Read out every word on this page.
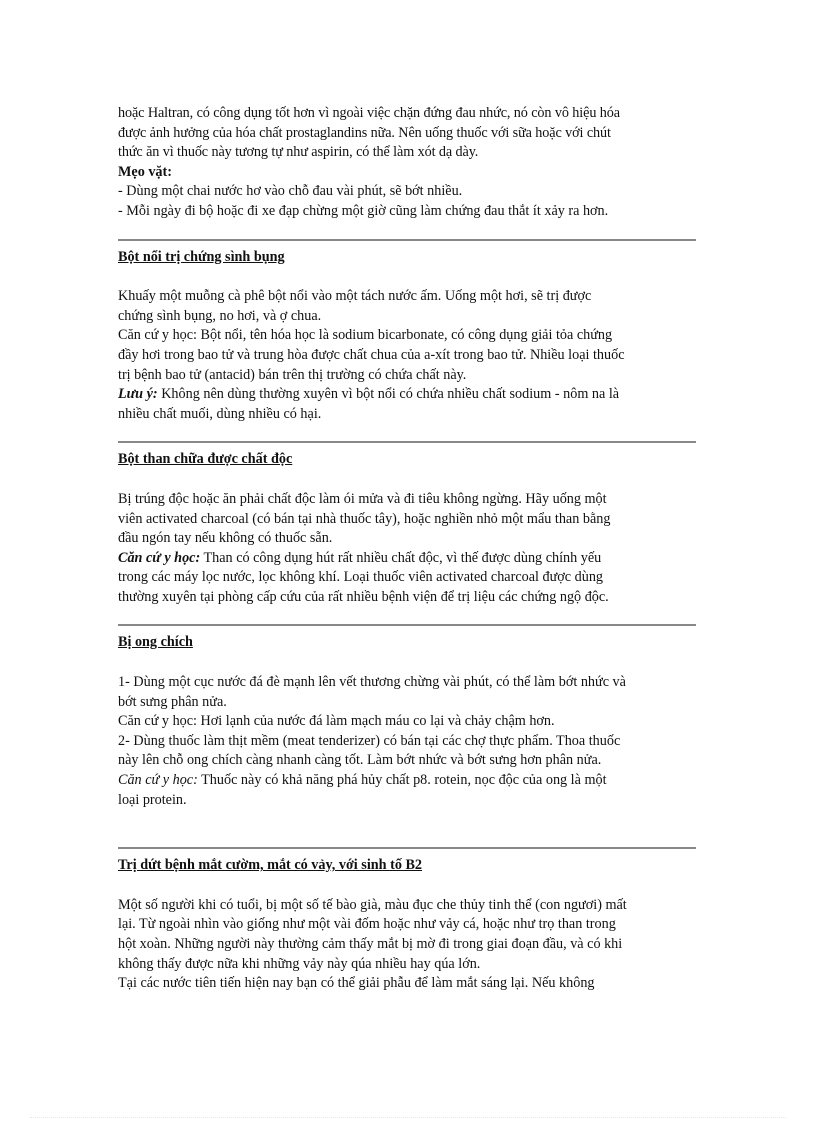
hoặc Haltran, có công dụng tốt hơn vì ngoài việc chặn đứng đau nhức, nó còn vô hiệu hóa

được ảnh hưởng của hóa chất prostaglandins nữa. Nên uống thuốc với sữa hoặc với chút

thức ăn vì thuốc này tương tự như aspirin, có thể làm xót dạ dày.

Mẹo vặt:

- Dùng một chai nước hơ vào chỗ đau vài phút, sẽ bớt nhiều.

- Mỗi ngày đi bộ hoặc đi xe đạp chừng một giờ cũng làm chứng đau thắt ít xảy ra hơn.

Bột nổi trị chứng sình bụng

Khuấy một muỗng cà phê bột nổi vào một tách nước ấm. Uống một hơi, sẽ trị được

chứng sình bụng, no hơi, và ợ chua.

Căn cứ y học: Bột nổi, tên hóa học là sodium bicarbonate, có công dụng giải tỏa chứng

đầy hơi trong bao tử và trung hòa được chất chua của a-xít trong bao tử. Nhiều loại thuốc

trị bệnh bao tử (antacid) bán trên thị trường có chứa chất này.

Lưu ý: Không nên dùng thường xuyên vì bột nổi có chứa nhiều chất sodium - nôm na là

nhiều chất muối, dùng nhiều có hại.

Bột than chữa được chất độc

Bị trúng độc hoặc ăn phải chất độc làm ói mửa và đi tiêu không ngừng. Hãy uống một

viên activated charcoal (có bán tại nhà thuốc tây), hoặc nghiền nhỏ một mẩu than bằng

đầu ngón tay nếu không có thuốc sẵn.

Căn cứ y học: Than có công dụng hút rất nhiều chất độc, vì thế được dùng chính yếu

trong các máy lọc nước, lọc không khí. Loại thuốc viên activated charcoal được dùng

thường xuyên tại phòng cấp cứu của rất nhiều bệnh viện để trị liệu các chứng ngộ độc.

Bị ong chích

1- Dùng một cục nước đá đè mạnh lên vết thương chừng vài phút, có thể làm bớt nhức và

bớt sưng phân nửa.

Căn cứ y học: Hơi lạnh của nước đá làm mạch máu co lại và chảy chậm hơn.

2- Dùng thuốc làm thịt mềm (meat tenderizer) có bán tại các chợ thực phẩm. Thoa thuốc

này lên chỗ ong chích càng nhanh càng tốt. Làm bớt nhức và bớt sưng hơn phân nửa.

Căn cứ y học: Thuốc này có khả năng phá hủy chất p8. rotein, nọc độc của ong là một

loại protein.

Trị dứt bệnh mắt cườm, mắt có vảy, với sinh tố B2

Một số người khi có tuổi, bị một số tế bào già, màu đục che thủy tinh thể (con ngươi) mất

lại. Từ ngoài nhìn vào giống như một vài đốm hoặc như vảy cá, hoặc như trọ than trong

hột xoàn. Những người này thường cảm thấy mắt bị mờ đi trong giai đoạn đầu, và có khi

không thấy được nữa khi những vảy này qúa nhiều hay qúa lớn.

Tại các nước tiên tiến hiện nay bạn có thể giải phẫu để làm mắt sáng lại. Nếu không
